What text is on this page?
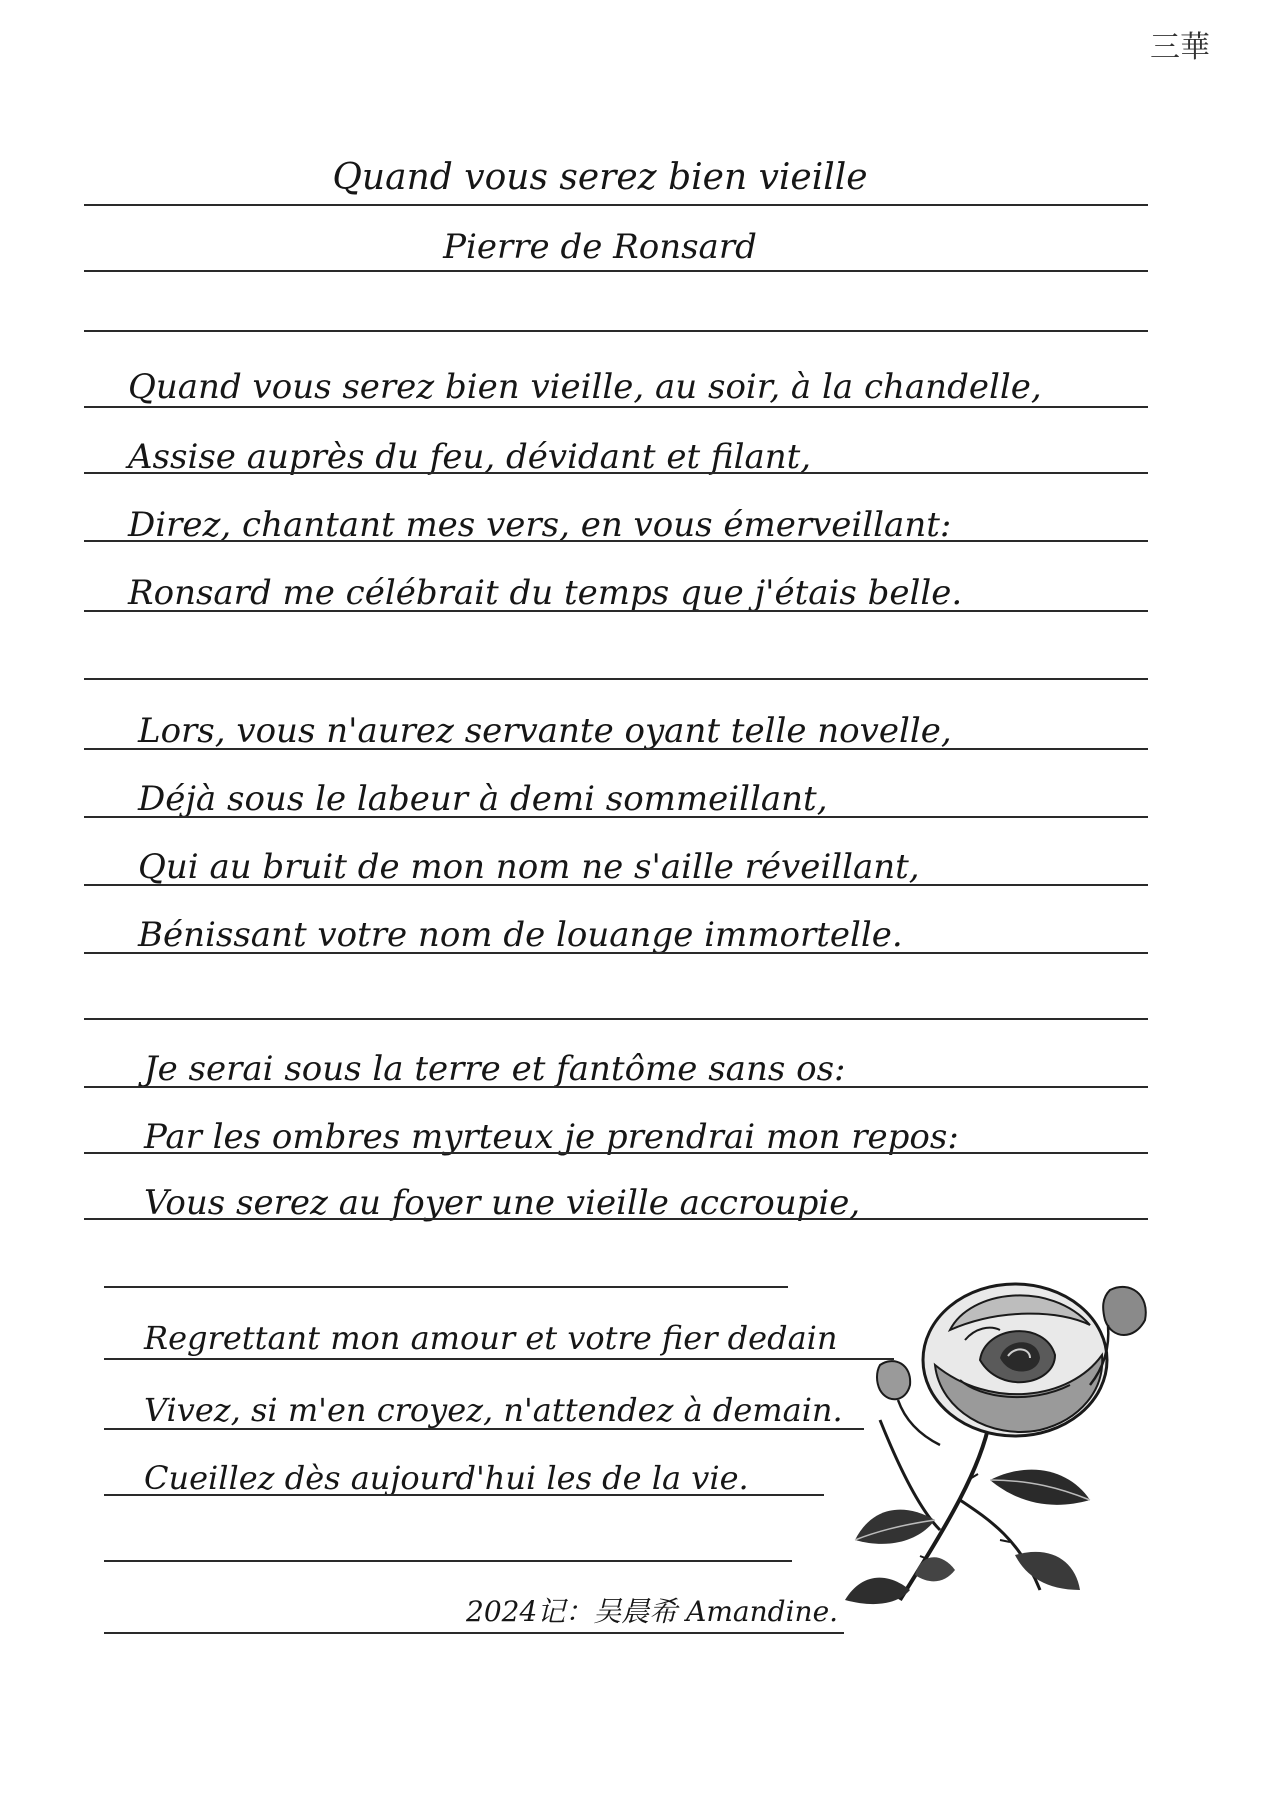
三華
Quand vous serez bien vieille
Pierre de Ronsard
Quand vous serez bien vieille, au soir, à la chandelle,
Assise auprès du feu, dévidant et filant,
Direz, chantant mes vers, en vous émerveillant:
Ronsard me célébrait du temps que j'étais belle.
Lors, vous n'aurez servante oyant telle novelle,
Déjà sous le labeur à demi sommeillant,
Qui au bruit de mon nom ne s'aille réveillant,
Bénissant votre nom de louange immortelle.
Je serai sous la terre et fantôme sans os:
Par les ombres myrteux je prendrai mon repos:
Vous serez au foyer une vieille accroupie,
Regrettant mon amour et votre fier dedain
Vivez, si m'en croyez, n'attendez à demain.
Cueillez dès aujourd'hui les de la vie.
2024记：吴晨希 Amandine.
